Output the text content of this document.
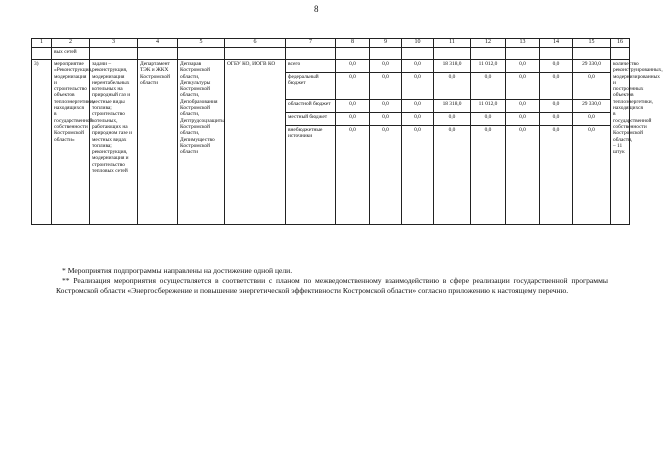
8
1	2	3	4	5	6	7	8	9	10	11	12	13	14	15	16
	вых сетей														
3)	мероприятие «Реконструкция, модернизация и строительство объектов теплоэнергетики, находящихся в государственной собственности Костромской области»	задачи – реконструкция, модернизация нерентабельных котельных на природный газ и местные виды топлива; строительство котельных, работающих на природном газе и местных видах топлива; реконструкция, модернизация и строительство тепловых сетей	Департамент ТЭК и ЖКХ Костромской области	Депзарав Костромской области, Депкультуры Костромской области, Депобразования Костромской области, Дептрудсоцзащиты Костромской области, Депимущество Костромской области	ОГБУ КО, ИОГВ КО	всего	0,0	0,0	0,0	18 318,0	11 012,0	0,0	0,0	29 330,0	количество реконструированных, модернизированных и построенных объектов теплоэнергетики, находящихся в государственной собственности Костромской области, – 11 штук
						федеральный бюджет	0,0	0,0	0,0	0,0	0,0	0,0	0,0	0,0	
						областной бюджет	0,0	0,0	0,0	18 318,0	11 012,0	0,0	0,0	29 330,0	
						местный бюджет	0,0	0,0	0,0	0,0	0,0	0,0	0,0	0,0	
						внебюджетные источники	0,0	0,0	0,0	0,0	0,0	0,0	0,0	0,0	

* Мероприятия подпрограммы направлены на достижение одной цели.

** Реализация мероприятия осуществляется в соответствии с планом по межведомственному взаимодействию в сфере реализации государственной программы Костромской области «Энергосбережение и повышение энергетической эффективности Костромской области» согласно приложению к настоящему перечню.
